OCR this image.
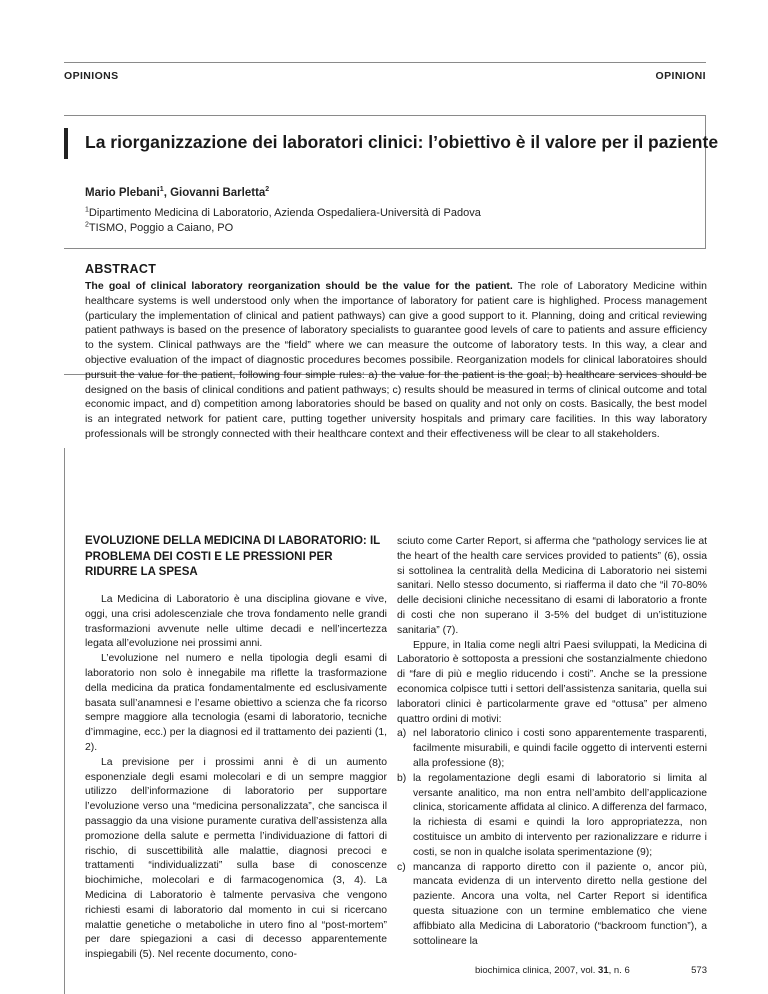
OPINIONS	OPINIONI
La riorganizzazione dei laboratori clinici: l’obiettivo è il valore per il paziente
Mario Plebani$^1$, Giovanni Barletta$^2$
$^1$Dipartimento Medicina di Laboratorio, Azienda Ospedaliera-Università di Padova
$^2$TISMO, Poggio a Caiano, PO
ABSTRACT
The goal of clinical laboratory reorganization should be the value for the patient. The role of Laboratory Medicine within healthcare systems is well understood only when the importance of laboratory for patient care is highlighed. Process management (particulary the implementation of clinical and patient pathways) can give a good support to it. Planning, doing and critical reviewing patient pathways is based on the presence of laboratory specialists to guarantee good levels of care to patients and assure efficiency to the system. Clinical pathways are the “field” where we can measure the outcome of laboratory tests. In this way, a clear and objective evaluation of the impact of diagnostic procedures becomes possibile. Reorganization models for clinical laboratoires should pursuit the value for the patient, following four simple rules: a) the value for the patient is the goal; b) healthcare services should be designed on the basis of clinical conditions and patient pathways; c) results should be measured in terms of clinical outcome and total economic impact, and d) competition among laboratories should be based on quality and not only on costs. Basically, the best model is an integrated network for patient care, putting together university hospitals and primary care facilities. In this way laboratory professionals will be strongly connected with their healthcare context and their effectiveness will be clear to all stakeholders.
EVOLUZIONE DELLA MEDICINA DI LABORATORIO: IL PROBLEMA DEI COSTI E LE PRESSIONI PER RIDURRE LA SPESA

La Medicina di Laboratorio è una disciplina giovane e vive, oggi, una crisi adolescenziale che trova fondamento nelle grandi trasformazioni avvenute nelle ultime decadi e nell’incertezza legata all’evoluzione nei prossimi anni.

L’evoluzione nel numero e nella tipologia degli esami di laboratorio non solo è innegabile ma riflette la trasformazione della medicina da pratica fondamentalmente ed esclusivamente basata sull’anamnesi e l’esame obiettivo a scienza che fa ricorso sempre maggiore alla tecnologia (esami di laboratorio, tecniche d’immagine, ecc.) per la diagnosi ed il trattamento dei pazienti (1, 2).

La previsione per i prossimi anni è di un aumento esponenziale degli esami molecolari e di un sempre maggior utilizzo dell’informazione di laboratorio per supportare l’evoluzione verso una “medicina personalizzata”, che sancisca il passaggio da una visione puramente curativa dell’assistenza alla promozione della salute e permetta l’individuazione di fattori di rischio, di suscettibilità alle malattie, diagnosi precoci e trattamenti “individualizzati” sulla base di conoscenze biochimiche, molecolari e di farmacogenomica (3, 4). La Medicina di Laboratorio è talmente pervasiva che vengono richiesti esami di laboratorio dal momento in cui si ricercano malattie genetiche o metaboliche in utero fino al “post-mortem” per dare spiegazioni a casi di decesso apparentemente inspiegabili (5). Nel recente documento, cono-

sciuto come Carter Report, si afferma che “pathology services lie at the heart of the health care services provided to patients” (6), ossia si sottolinea la centralità della Medicina di Laboratorio nei sistemi sanitari. Nello stesso documento, si riafferma il dato che “il 70-80% delle decisioni cliniche necessitano di esami di laboratorio a fronte di costi che non superano il 3-5% del budget di un’istituzione sanitaria” (7).

Eppure, in Italia come negli altri Paesi sviluppati, la Medicina di Laboratorio è sottoposta a pressioni che sostanzialmente chiedono di “fare di più e meglio riducendo i costi”. Anche se la pressione economica colpisce tutti i settori dell’assistenza sanitaria, quella sui laboratori clinici è particolarmente grave ed “ottusa” per almeno quattro ordini di motivi:

a) nel laboratorio clinico i costi sono apparentemente trasparenti, facilmente misurabili, e quindi facile oggetto di interventi esterni alla professione (8);
b) la regolamentazione degli esami di laboratorio si limita al versante analitico, ma non entra nell’ambito dell’applicazione clinica, storicamente affidata al clinico. A differenza del farmaco, la richiesta di esami e quindi la loro appropriatezza, non costituisce un ambito di intervento per razionalizzare e ridurre i costi, se non in qualche isolata sperimentazione (9);
c) mancanza di rapporto diretto con il paziente o, ancor più, mancata evidenza di un intervento diretto nella gestione del paziente. Ancora una volta, nel Carter Report si identifica questa situazione con un termine emblematico che viene affibbiato alla Medicina di Laboratorio (“backroom function”), a sottolineare la
biochimica clinica, 2007, vol. 31, n. 6	573
